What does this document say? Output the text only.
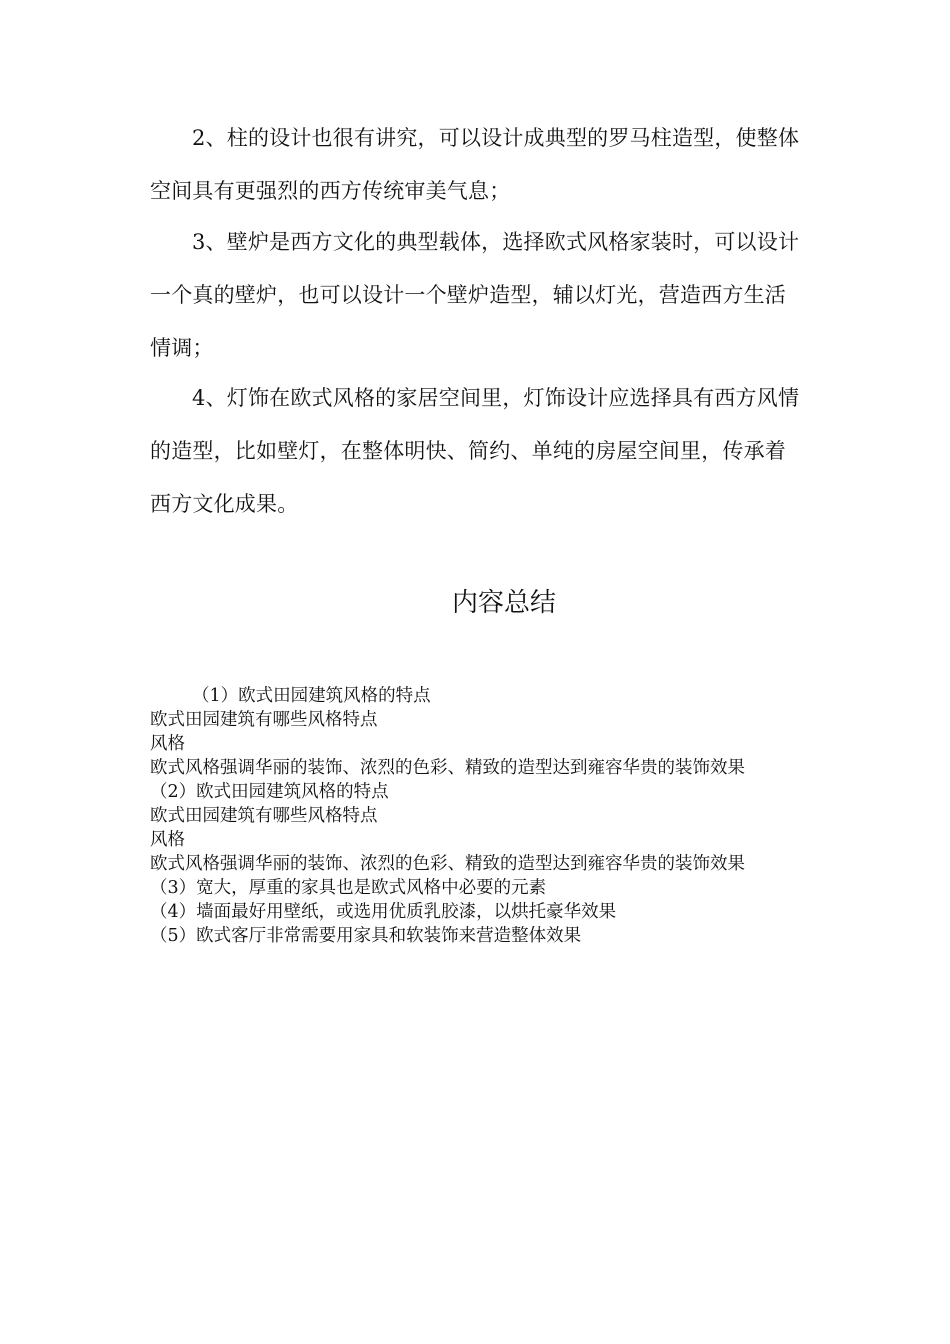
2、柱的设计也很有讲究，可以设计成典型的罗马柱造型，使整体空间具有更强烈的西方传统审美气息；

3、壁炉是西方文化的典型载体，选择欧式风格家装时，可以设计一个真的壁炉，也可以设计一个壁炉造型，辅以灯光，营造西方生活情调；

4、灯饰在欧式风格的家居空间里，灯饰设计应选择具有西方风情的造型，比如壁灯，在整体明快、简约、单纯的房屋空间里，传承着西方文化成果。

内容总结
（1）欧式田园建筑风格的特点
欧式田园建筑有哪些风格特点
风格
欧式风格强调华丽的装饰、浓烈的色彩、精致的造型达到雍容华贵的装饰效果
（2）欧式田园建筑风格的特点
欧式田园建筑有哪些风格特点
风格
欧式风格强调华丽的装饰、浓烈的色彩、精致的造型达到雍容华贵的装饰效果
（3）宽大，厚重的家具也是欧式风格中必要的元素
（4）墙面最好用壁纸，或选用优质乳胶漆，以烘托豪华效果
（5）欧式客厅非常需要用家具和软装饰来营造整体效果
